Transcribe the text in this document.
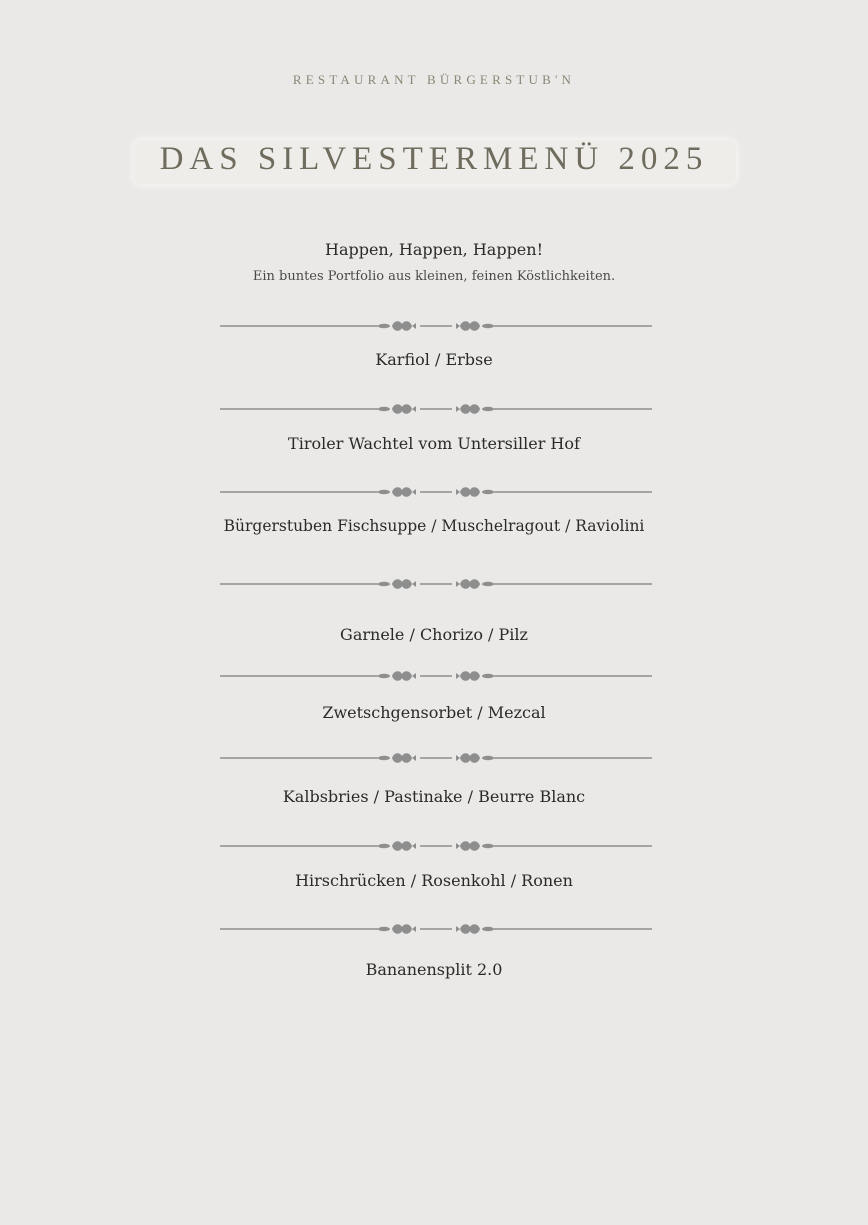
RESTAURANT BÜRGERSTUB'N
DAS SILVESTERMENÜ 2025
Happen, Happen, Happen!
Ein buntes Portfolio aus kleinen, feinen Köstlichkeiten.
Karfiol / Erbse
Tiroler Wachtel vom Untersiller Hof
Bürgerstuben Fischsuppe / Muschelragout / Raviolini
Garnele / Chorizo / Pilz
Zwetschgensorbet / Mezcal
Kalbsbries / Pastinake / Beurre Blanc
Hirschrücken / Rosenkohl / Ronen
Bananensplit 2.0
